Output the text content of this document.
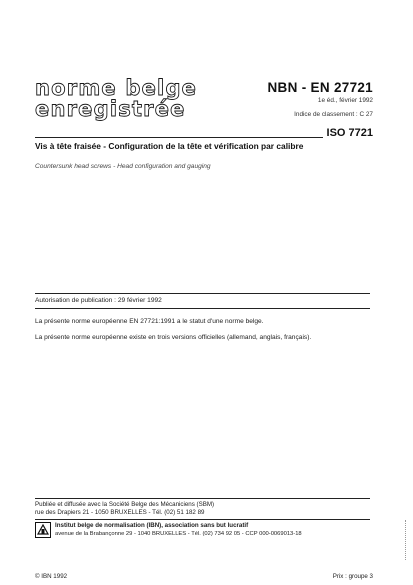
norme belge
enregistrée
NBN - EN 27721
1e éd., février 1992
Indice de classement : C 27
ISO 7721
Vis à tête fraisée - Configuration de la tête et vérification par calibre
Countersunk head screws - Head configuration and gauging
Autorisation de publication : 29 février 1992
La présente norme européenne EN 27721:1991 a le statut d'une norme belge.
La présente norme européenne existe en trois versions officielles (allemand, anglais, français).
Publiée et diffusée avec la Société Belge des Mécaniciens (SBM)
rue des Drapiers 21 - 1050 BRUXELLES - Tél. (02) 51 182 89
Institut belge de normalisation (IBN), association sans but lucratif
avenue de la Brabançonne 29 - 1040 BRUXELLES - Tél. (02) 734 92 05 - CCP 000-0069013-18
© IBN 1992	Prix : groupe 3
